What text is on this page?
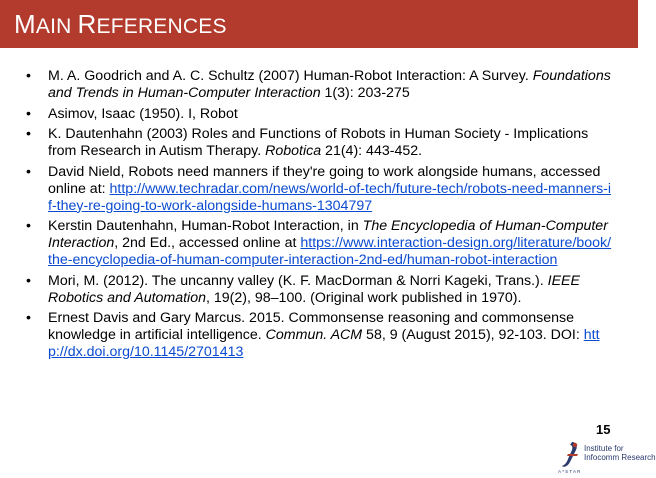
MAIN REFERENCES
• M. A. Goodrich and A. C. Schultz (2007) Human-Robot Interaction: A Survey. Foundations and Trends in Human-Computer Interaction 1(3): 203-275
• Asimov, Isaac (1950). I, Robot
• K. Dautenhahn (2003) Roles and Functions of Robots in Human Society - Implications from Research in Autism Therapy. Robotica 21(4): 443-452.
• David Nield, Robots need manners if they're going to work alongside humans, accessed online at: http://www.techradar.com/news/world-of-tech/future-tech/robots-need-manners-if-they-re-going-to-work-alongside-humans-1304797
• Kerstin Dautenhahn, Human-Robot Interaction, in The Encyclopedia of Human-Computer Interaction, 2nd Ed., accessed online at https://www.interaction-design.org/literature/book/the-encyclopedia-of-human-computer-interaction-2nd-ed/human-robot-interaction
• Mori, M. (2012). The uncanny valley (K. F. MacDorman & Norri Kageki, Trans.). IEEE Robotics and Automation, 19(2), 98–100. (Original work published in 1970).
• Ernest Davis and Gary Marcus. 2015. Commonsense reasoning and commonsense knowledge in artificial intelligence. Commun. ACM 58, 9 (August 2015), 92-103. DOI: http://dx.doi.org/10.1145/2701413
15
Institute for
Infocomm Research
A*STAR
